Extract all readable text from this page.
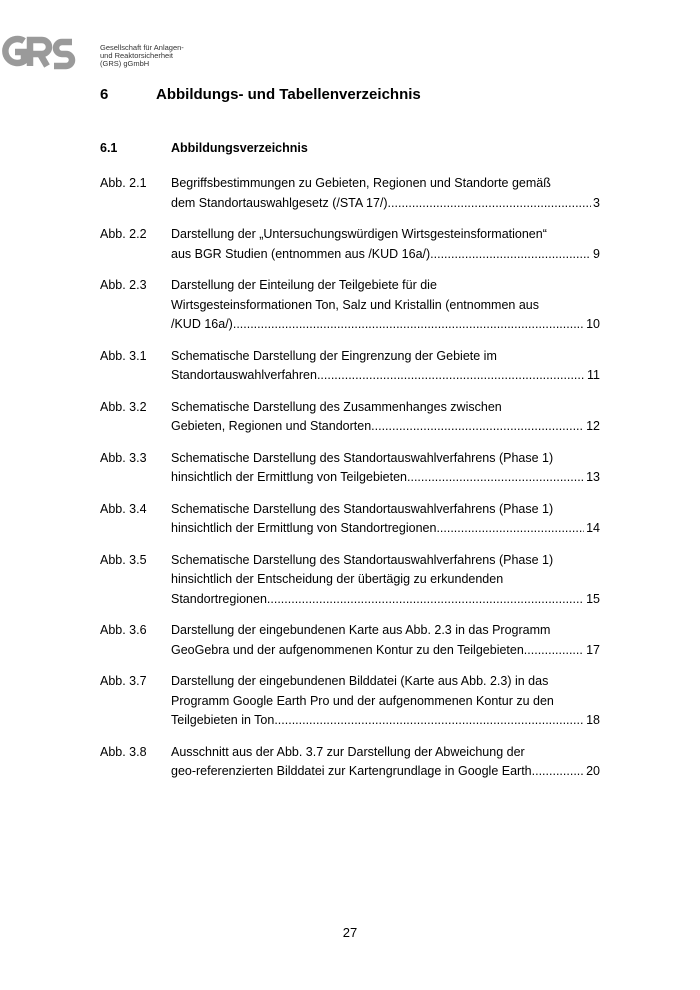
Gesellschaft für Anlagen-
und Reaktorsicherheit
(GRS) gGmbH
6	Abbildungs- und Tabellenverzeichnis
6.1	Abbildungsverzeichnis
Abb. 2.1	Begriffsbestimmungen zu Gebieten, Regionen und Standorte gemäß
dem Standortauswahlgesetz (/STA 17/) .....	3
Abb. 2.2	Darstellung der „Untersuchungswürdigen Wirtsgesteinsformationen“
aus BGR Studien (entnommen aus /KUD 16a/) .....	9
Abb. 2.3	Darstellung der Einteilung der Teilgebiete für die
Wirtsgesteinsformationen Ton, Salz und Kristallin (entnommen aus
/KUD 16a/) .....	10
Abb. 3.1	Schematische Darstellung der Eingrenzung der Gebiete im
Standortauswahlverfahren .....	11
Abb. 3.2	Schematische Darstellung des Zusammenhanges zwischen
Gebieten, Regionen und Standorten .....	12
Abb. 3.3	Schematische Darstellung des Standortauswahlverfahrens (Phase 1)
hinsichtlich der Ermittlung von Teilgebieten .....	13
Abb. 3.4	Schematische Darstellung des Standortauswahlverfahrens (Phase 1)
hinsichtlich der Ermittlung von Standortregionen .....	14
Abb. 3.5	Schematische Darstellung des Standortauswahlverfahrens (Phase 1)
hinsichtlich der Entscheidung der übertägig zu erkundenden
Standortregionen .....	15
Abb. 3.6	Darstellung der eingebundenen Karte aus Abb. 2.3 in das Programm
GeoGebra und der aufgenommenen Kontur zu den Teilgebieten .....	17
Abb. 3.7	Darstellung der eingebundenen Bilddatei (Karte aus Abb. 2.3) in das
Programm Google Earth Pro und der aufgenommenen Kontur zu den
Teilgebieten in Ton .....	18
Abb. 3.8	Ausschnitt aus der Abb. 3.7 zur Darstellung der Abweichung der
geo-referenzierten Bilddatei zur Kartengrundlage in Google Earth .....	20
27
